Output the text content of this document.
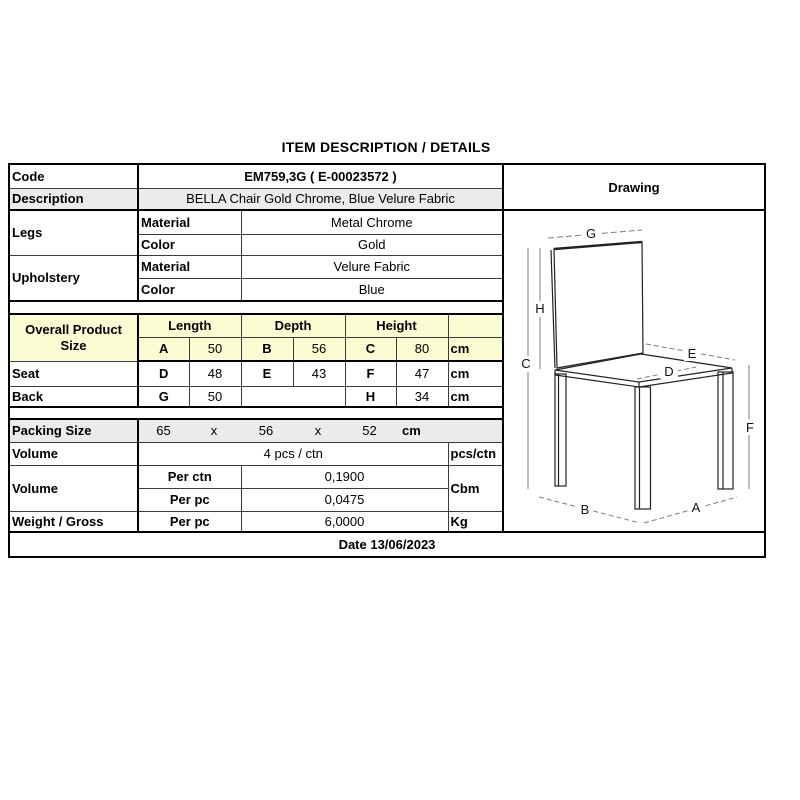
ITEM DESCRIPTION / DETAILS
Code	EM759,3G ( E-00023572 )							Drawing
Description	BELLA Chair Gold Chrome, Blue Velure Fabric							
Legs	Material	Metal Chrome	
G
H
C
E
D
F
B	A

	Color		Gold					
Upholstery	Material		Velure Fabric					
	Color		Blue					

Overall Product Size	Length		Depth		Height			
	A	50	B	56	C	80	cm	
Seat	D	48	E	43	F	47	cm	
Back	G	50			H	34	cm	

Packing Size	65	x	56	x	52	cm

Volume	4 pcs / ctn						pcs/ctn	
Volume	Per ctn		0,1900				Cbm	
	Per pc		0,0475					
Weight / Gross	Per pc		6,0000				Kg	
Date 13/06/2023								
